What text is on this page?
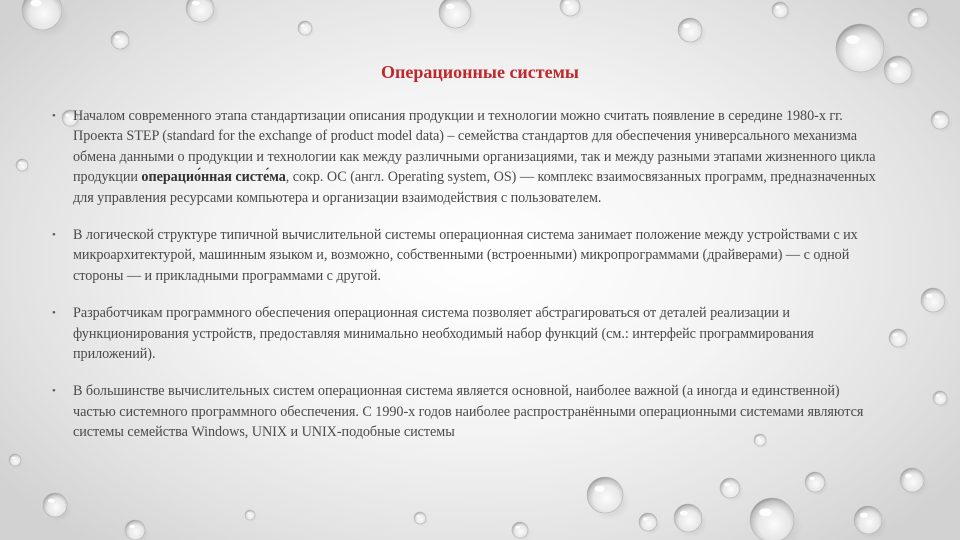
Операционные системы
• Началом современного этапа стандартизации описания продукции и технологии можно считать появление в середине 1980-х гг. Проекта STEP (standard for the exchange of product model data) – семейства стандартов для обеспечения универсального механизма обмена данными о продукции и технологии как между различными организациями, так и между разными этапами жизненного цикла продукции операцио́нная систе́ма, сокр. ОС (англ. Operating system, OS) — комплекс взаимосвязанных программ, предназначенных для управления ресурсами компьютера и организации взаимодействия с пользователем.
• В логической структуре типичной вычислительной системы операционная система занимает положение между устройствами с их микроархитектурой, машинным языком и, возможно, собственными (встроенными) микропрограммами (драйверами) — с одной стороны — и прикладными программами с другой.
• Разработчикам программного обеспечения операционная система позволяет абстрагироваться от деталей реализации и функционирования устройств, предоставляя минимально необходимый набор функций (см.: интерфейс программирования приложений).
• В большинстве вычислительных систем операционная система является основной, наиболее важной (а иногда и единственной) частью системного программного обеспечения. С 1990-х годов наиболее распространёнными операционными системами являются системы семейства Windows, UNIX и UNIX-подобные системы
